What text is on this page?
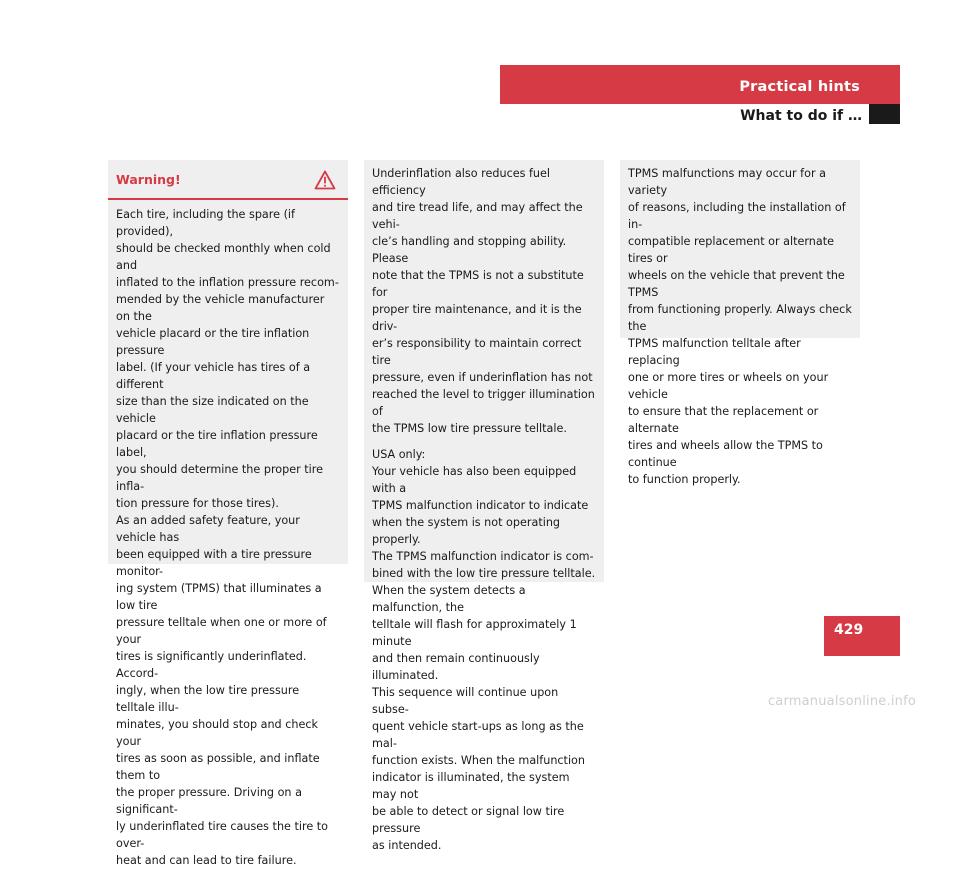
Practical hints
What to do if …
Warning!

Each tire, including the spare (if provided),
should be checked monthly when cold and
inflated to the inflation pressure recom-
mended by the vehicle manufacturer on the
vehicle placard or the tire inflation pressure
label. (If your vehicle has tires of a different
size than the size indicated on the vehicle
placard or the tire inflation pressure label,
you should determine the proper tire infla-
tion pressure for those tires).
As an added safety feature, your vehicle has
been equipped with a tire pressure monitor-
ing system (TPMS) that illuminates a low tire
pressure telltale when one or more of your
tires is significantly underinflated. Accord-
ingly, when the low tire pressure telltale illu-
minates, you should stop and check your
tires as soon as possible, and inflate them to
the proper pressure. Driving on a significant-
ly underinflated tire causes the tire to over-
heat and can lead to tire failure.

Underinflation also reduces fuel efficiency
and tire tread life, and may affect the vehi-
cle’s handling and stopping ability. Please
note that the TPMS is not a substitute for
proper tire maintenance, and it is the driv-
er’s responsibility to maintain correct tire
pressure, even if underinflation has not
reached the level to trigger illumination of
the TPMS low tire pressure telltale.

USA only:
Your vehicle has also been equipped with a
TPMS malfunction indicator to indicate
when the system is not operating properly.
The TPMS malfunction indicator is com-
bined with the low tire pressure telltale.
When the system detects a malfunction, the
telltale will flash for approximately 1 minute
and then remain continuously illuminated.
This sequence will continue upon subse-
quent vehicle start-ups as long as the mal-
function exists. When the malfunction
indicator is illuminated, the system may not
be able to detect or signal low tire pressure
as intended.

TPMS malfunctions may occur for a variety
of reasons, including the installation of in-
compatible replacement or alternate tires or
wheels on the vehicle that prevent the TPMS
from functioning properly. Always check the
TPMS malfunction telltale after replacing
one or more tires or wheels on your vehicle
to ensure that the replacement or alternate
tires and wheels allow the TPMS to continue
to function properly.

429
carmanualsonline.info
